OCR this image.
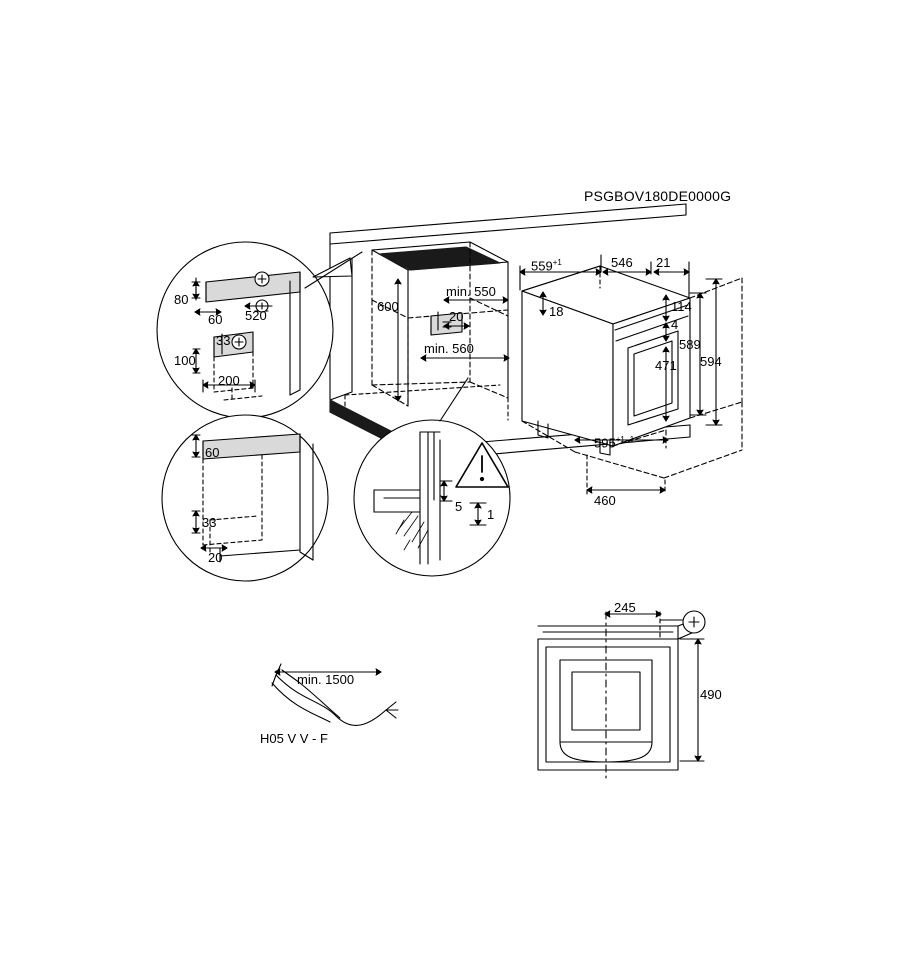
PSGBOV180DE0000G
80
60 520
33
100
200
600
min. 550
20
min. 560
$559^{+1}$	546 21
18	114
4
589
594
471
$595^{+1 -1}$
460
60
33
20
5
1
min. 1500
H05 V V - F
245
490
